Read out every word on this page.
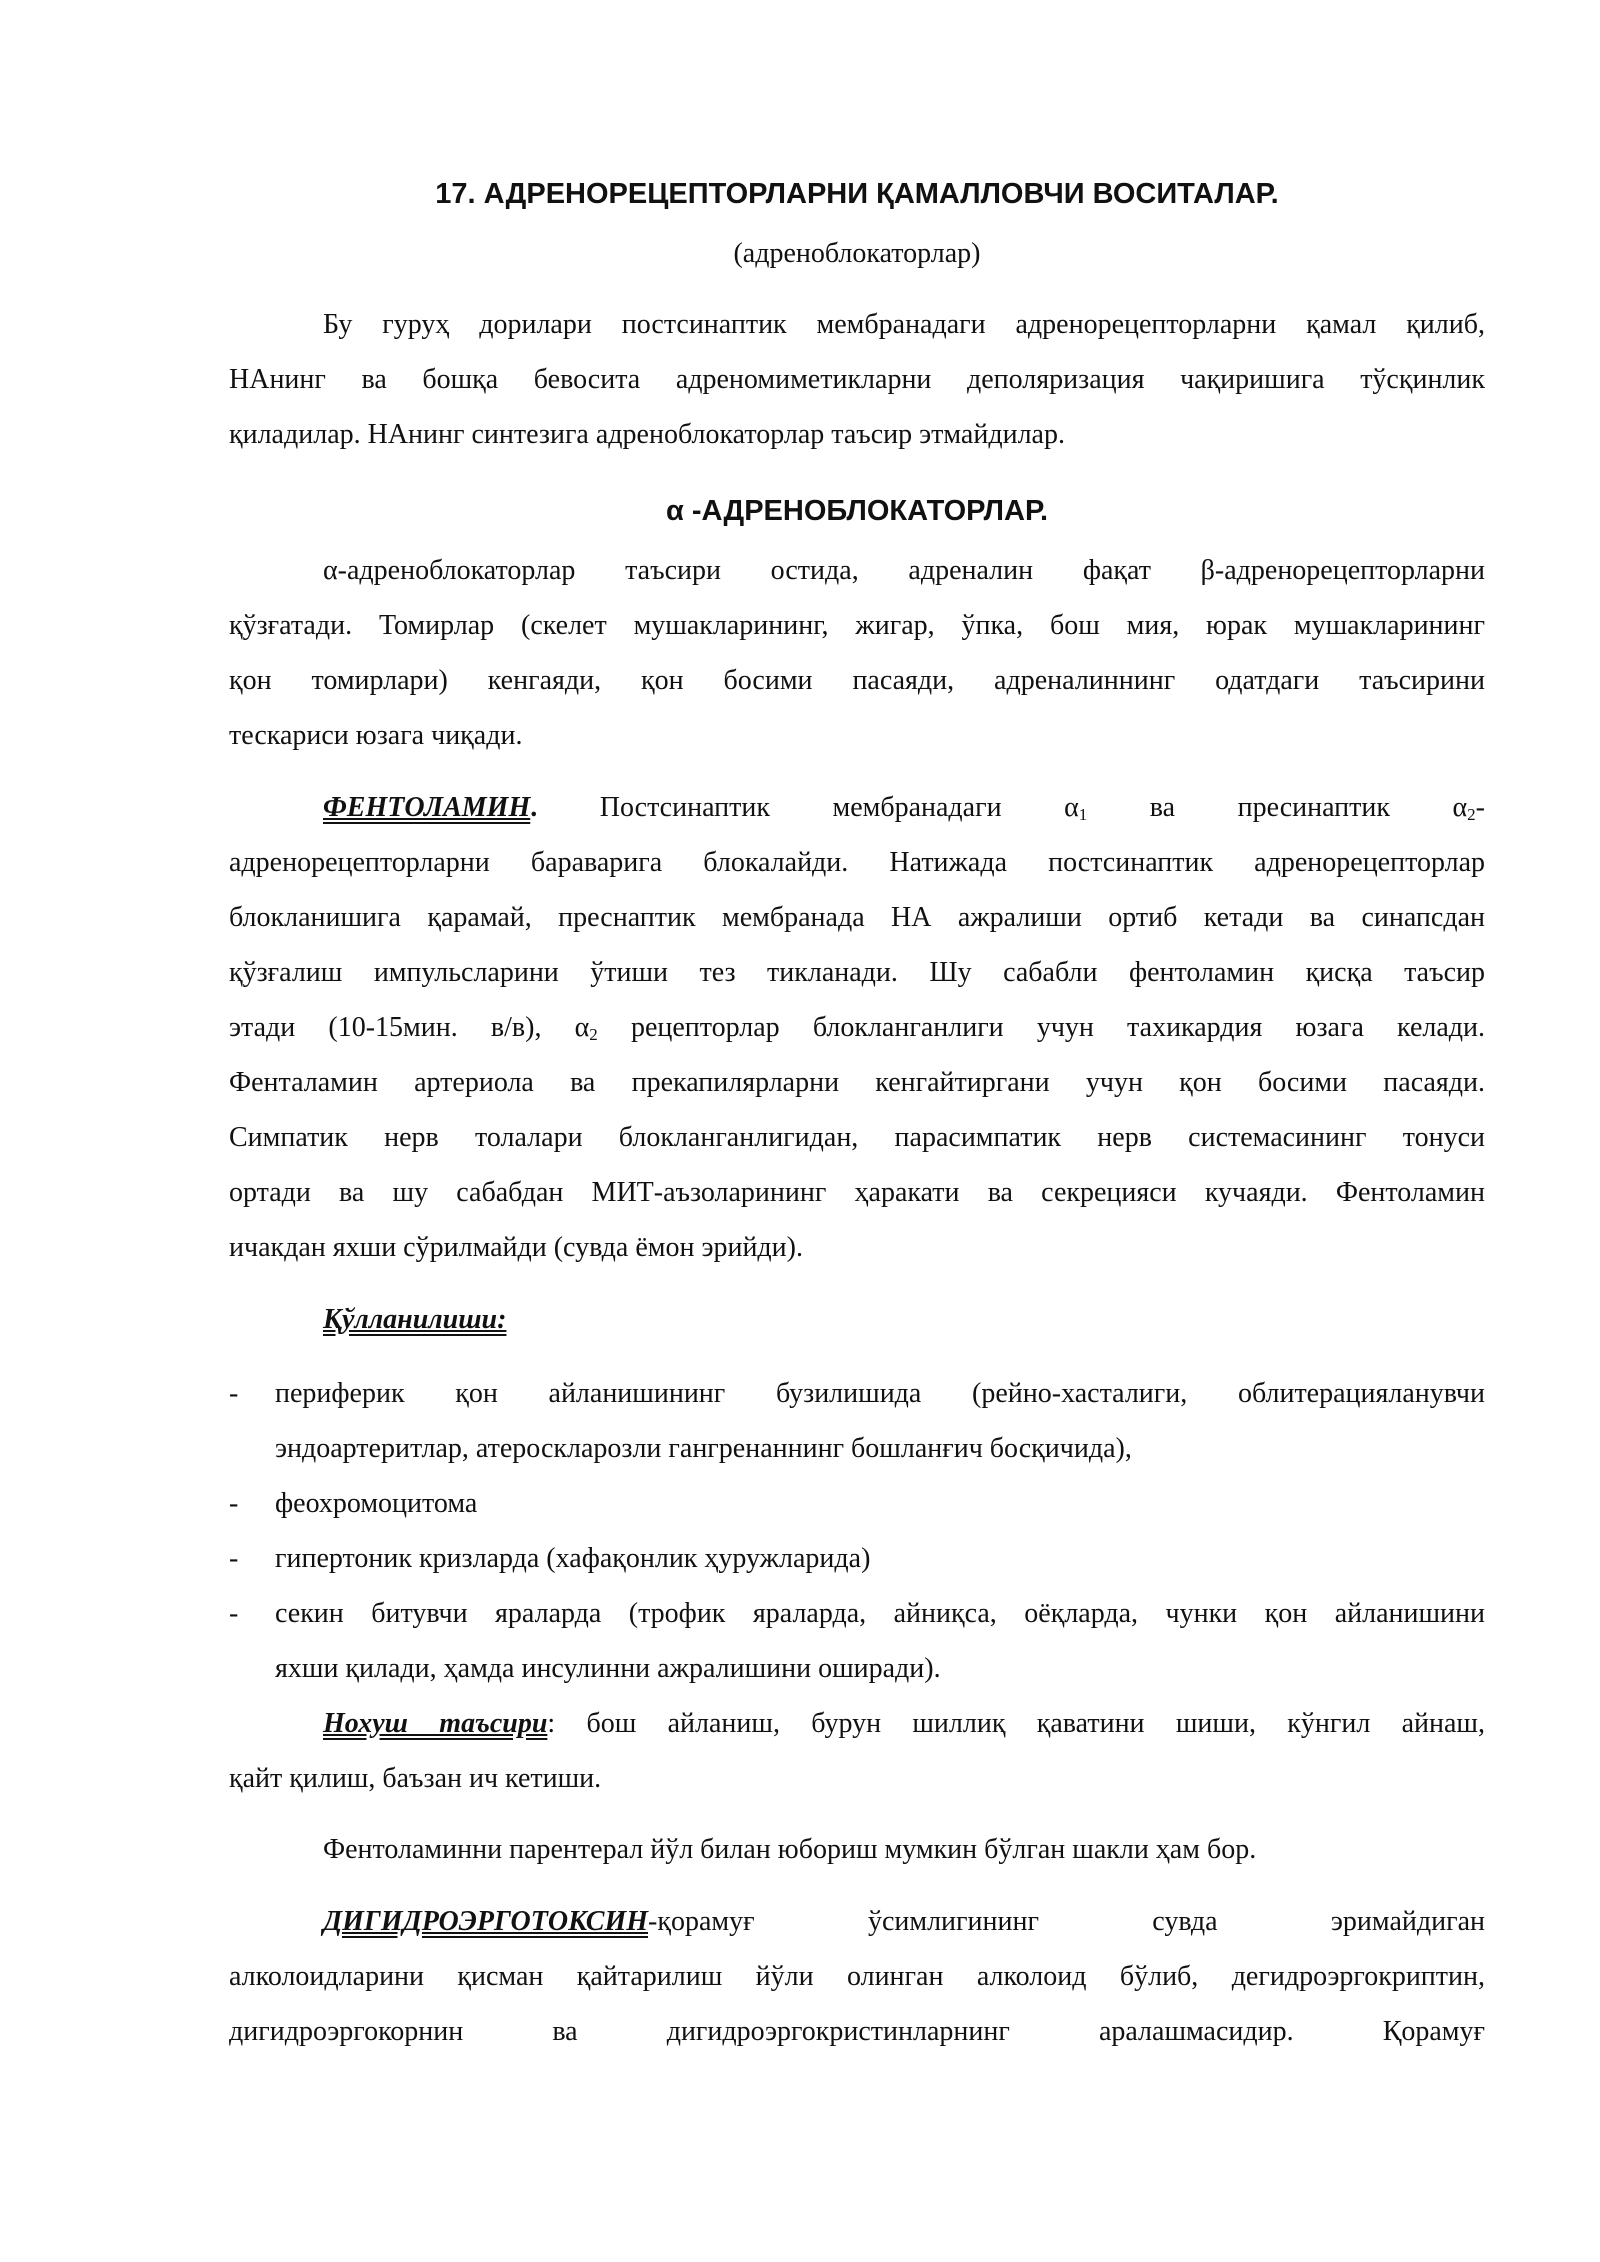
17. АДРЕНОРЕЦЕПТОРЛАРНИ ҚАМАЛЛОВЧИ ВОСИТАЛАР.
(адреноблокаторлар)
Бу гуруҳ дорилари постсинаптик мембранадаги адренорецепторларни қамал қилиб,
НАнинг ва бошқа бевосита адреномиметикларни деполяризация чақиришига тўсқинлик
қиладилар. НАнинг синтезига адреноблокаторлар таъсир этмайдилар.
α -АДРЕНОБЛОКАТОРЛАР.
α-адреноблокаторлар таъсири остида, адреналин фақат β-адренорецепторларни
қўзғатади. Томирлар (скелет мушакларининг, жигар, ўпка, бош мия, юрак мушакларининг
қон томирлари) кенгаяди, қон босими пасаяди, адреналиннинг одатдаги таъсирини
тескариси юзага чиқади.
ФЕНТОЛАМИН. Постсинаптик мембранадаги $\alpha_1$ ва пресинаптик $\alpha_2-$
адренорецепторларни бараваригa блокалайди. Натижада постсинаптик адренорецепторлар
блокланишига қарамай, преснаптик мембранада НА ажралиши ортиб кетади ва синапсдан
қўзғалиш импульсларини ўтиши тез тикланади. Шу сабабли фентоламин қисқа таъсир
этади (10-15мин. в/в), $\alpha_2$ рецепторлар блокланганлиги учун тахикардия юзага келади.
Фенталамин артериола ва прекапилярларни кенгайтиргани учун қон босими пасаяди.
Симпатик нерв толалари блокланганлигидан, парасимпатик нерв системасининг тонуси
ортади ва шу сабабдан МИТ-аъзоларининг ҳаракати ва секрецияси кучаяди. Фентоламин
ичакдан яхши сўрилмайди (сувда ёмон эрийди).
Қўлланилиши:
-	периферик қон айланишининг бузилишида (рейно-хасталиги, облитерацияланувчи
эндоартеритлар, атероскларозли гангренаннинг бошланғич босқичида),
-	феохромоцитома
-	гипертоник кризларда (хафақонлик ҳуружларида)
-	секин битувчи яраларда (трофик яраларда, айниқса, оёқларда, чунки қон айланишини
яхши қилади, ҳамда инсулинни ажралишини оширади).
Нохуш таъсири: бош айланиш, бурун шиллиқ қаватини шиши, кўнгил айнаш,
қайт қилиш, баъзан ич кетиши.
Фентоламинни парентерал йўл билан юбориш мумкин бўлган шакли ҳам бор.
ДИГИДРОЭРГОТОКСИН-қорамуғ ўсимлигининг сувда эримайдиган
алколоидларини қисман қайтарилиш йўли олинган алколоид бўлиб, дегидроэргокриптин,
дигидроэргокорнин ва дигидроэргокристинларнинг аралашмасидир. Қорамуғ
